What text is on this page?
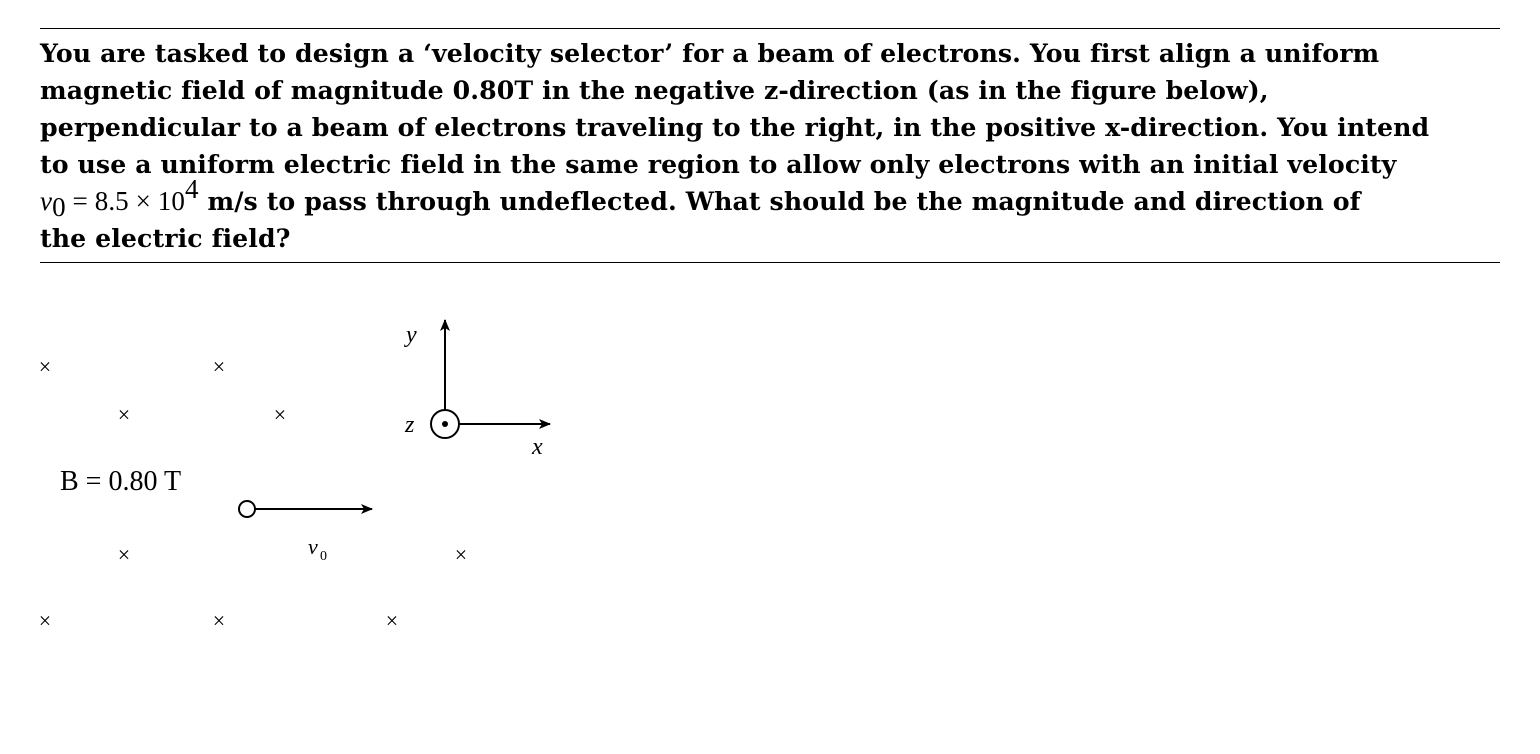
You are tasked to design a ‘velocity selector’ for a beam of electrons. You first align a uniform
magnetic field of magnitude 0.80T in the negative z-direction (as in the figure below),
perpendicular to a beam of electrons traveling to the right, in the positive x-direction. You intend
to use a uniform electric field in the same region to allow only electrons with an initial velocity
$v_0 = 8.5 \times 10^4$ m/s to pass through undeflected. What should be the magnitude and direction of
the electric field?
×	×
×	×
×	×
×	×	×
B = 0.80 T
v 0
y
z
x
